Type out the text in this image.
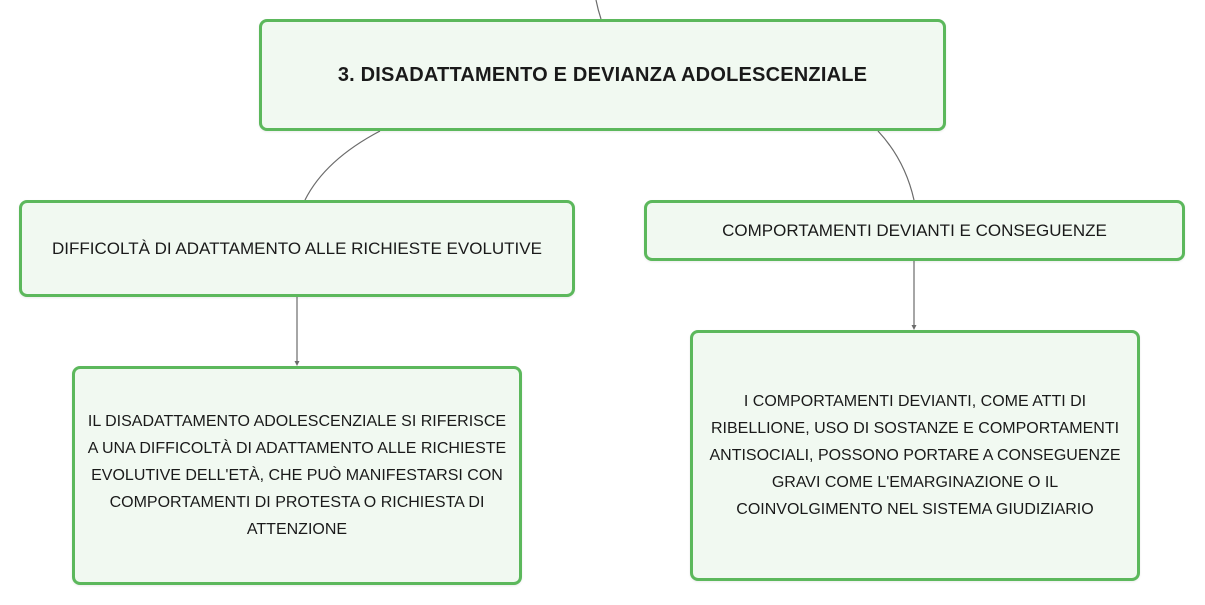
3. DISADATTAMENTO E DEVIANZA ADOLESCENZIALE
DIFFICOLTÀ DI ADATTAMENTO ALLE RICHIESTE EVOLUTIVE
COMPORTAMENTI DEVIANTI E CONSEGUENZE
IL DISADATTAMENTO ADOLESCENZIALE SI RIFERISCE A UNA DIFFICOLTÀ DI ADATTAMENTO ALLE RICHIESTE EVOLUTIVE DELL'ETÀ, CHE PUÒ MANIFESTARSI CON COMPORTAMENTI DI PROTESTA O RICHIESTA DI ATTENZIONE
I COMPORTAMENTI DEVIANTI, COME ATTI DI RIBELLIONE, USO DI SOSTANZE E COMPORTAMENTI ANTISOCIALI, POSSONO PORTARE A CONSEGUENZE GRAVI COME L'EMARGINAZIONE O IL COINVOLGIMENTO NEL SISTEMA GIUDIZIARIO
